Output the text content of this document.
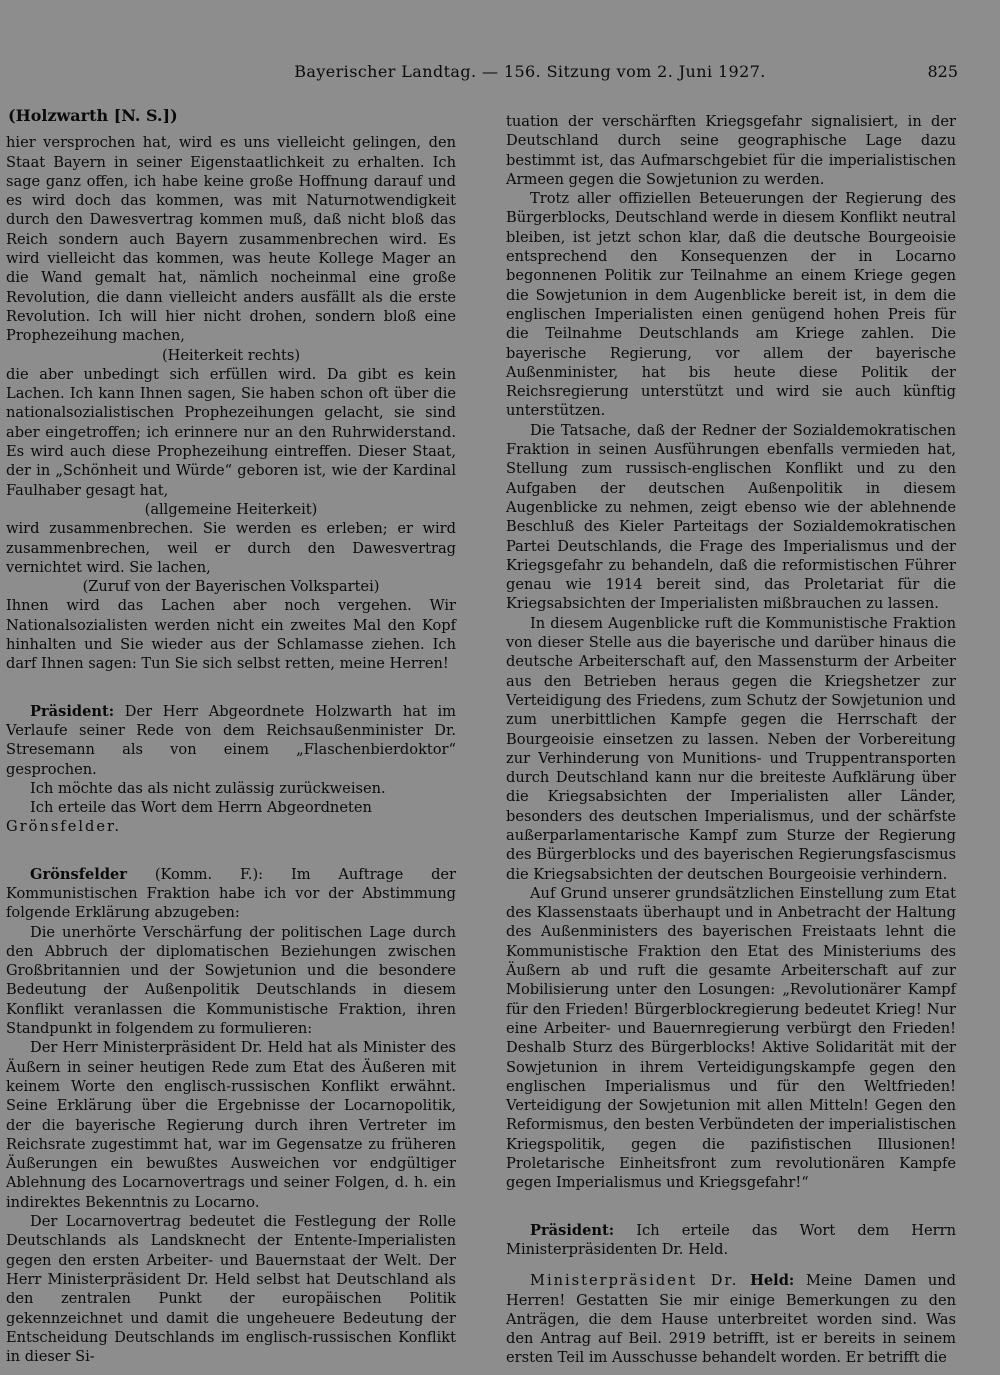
Bayerischer Landtag. — 156. Sitzung vom 2. Juni 1927.	825
(Holzwarth [N. S.])

hier versprochen hat, wird es uns vielleicht gelingen, den Staat Bayern in seiner Eigenstaatlichkeit zu erhalten. Ich sage ganz offen, ich habe keine große Hoffnung darauf und es wird doch das kommen, was mit Naturnotwendigkeit durch den Dawesvertrag kommen muß, daß nicht bloß das Reich sondern auch Bayern zusammenbrechen wird. Es wird vielleicht das kommen, was heute Kollege Mager an die Wand gemalt hat, nämlich nocheinmal eine große Revolution, die dann vielleicht anders ausfällt als die erste Revolution. Ich will hier nicht drohen, sondern bloß eine Prophezeihung machen,

(Heiterkeit rechts)

die aber unbedingt sich erfüllen wird. Da gibt es kein Lachen. Ich kann Ihnen sagen, Sie haben schon oft über die nationalsozialistischen Prophezeihungen gelacht, sie sind aber eingetroffen; ich erinnere nur an den Ruhrwiderstand. Es wird auch diese Prophezeihung eintreffen. Dieser Staat, der in „Schönheit und Würde“ geboren ist, wie der Kardinal Faulhaber gesagt hat,

(allgemeine Heiterkeit)

wird zusammenbrechen. Sie werden es erleben; er wird zusammenbrechen, weil er durch den Dawesvertrag vernichtet wird. Sie lachen,

(Zuruf von der Bayerischen Volkspartei)

Ihnen wird das Lachen aber noch vergehen. Wir Nationalsozialisten werden nicht ein zweites Mal den Kopf hinhalten und Sie wieder aus der Schlamasse ziehen. Ich darf Ihnen sagen: Tun Sie sich selbst retten, meine Herren!

Präsident: Der Herr Abgeordnete Holzwarth hat im Verlaufe seiner Rede von dem Reichsaußenminister Dr. Stresemann als von einem „Flaschenbierdoktor“ gesprochen.

Ich möchte das als nicht zulässig zurückweisen.

Ich erteile das Wort dem Herrn Abgeordneten

Grönsfelder.

Grönsfelder (Komm. F.): Im Auftrage der Kommunistischen Fraktion habe ich vor der Abstimmung folgende Erklärung abzugeben:

Die unerhörte Verschärfung der politischen Lage durch den Abbruch der diplomatischen Beziehungen zwischen Großbritannien und der Sowjetunion und die besondere Bedeutung der Außenpolitik Deutschlands in diesem Konflikt veranlassen die Kommunistische Fraktion, ihren Standpunkt in folgendem zu formulieren:

Der Herr Ministerpräsident Dr. Held hat als Minister des Äußern in seiner heutigen Rede zum Etat des Äußeren mit keinem Worte den englisch-russischen Konflikt erwähnt. Seine Erklärung über die Ergebnisse der Locarnopolitik, der die bayerische Regierung durch ihren Vertreter im Reichsrate zugestimmt hat, war im Gegensatze zu früheren Äußerungen ein bewußtes Ausweichen vor endgültiger Ablehnung des Locarnovertrags und seiner Folgen, d. h. ein indirektes Bekenntnis zu Locarno.

Der Locarnovertrag bedeutet die Festlegung der Rolle Deutschlands als Landsknecht der Entente-Imperialisten gegen den ersten Arbeiter- und Bauernstaat der Welt. Der Herr Ministerpräsident Dr. Held selbst hat Deutschland als den zentralen Punkt der europäischen Politik gekennzeichnet und damit die ungeheuere Bedeutung der Entscheidung Deutschlands im englisch-russischen Konflikt in dieser Si-

tuation der verschärften Kriegsgefahr signalisiert, in der Deutschland durch seine geographische Lage dazu bestimmt ist, das Aufmarschgebiet für die imperialistischen Armeen gegen die Sowjetunion zu werden.

Trotz aller offiziellen Beteuerungen der Regierung des Bürgerblocks, Deutschland werde in diesem Konflikt neutral bleiben, ist jetzt schon klar, daß die deutsche Bourgeoisie entsprechend den Konsequenzen der in Locarno begonnenen Politik zur Teilnahme an einem Kriege gegen die Sowjetunion in dem Augenblicke bereit ist, in dem die englischen Imperialisten einen genügend hohen Preis für die Teilnahme Deutschlands am Kriege zahlen. Die bayerische Regierung, vor allem der bayerische Außenminister, hat bis heute diese Politik der Reichsregierung unterstützt und wird sie auch künftig unterstützen.

Die Tatsache, daß der Redner der Sozialdemokratischen Fraktion in seinen Ausführungen ebenfalls vermieden hat, Stellung zum russisch-englischen Konflikt und zu den Aufgaben der deutschen Außenpolitik in diesem Augenblicke zu nehmen, zeigt ebenso wie der ablehnende Beschluß des Kieler Parteitags der Sozialdemokratischen Partei Deutschlands, die Frage des Imperialismus und der Kriegsgefahr zu behandeln, daß die reformistischen Führer genau wie 1914 bereit sind, das Proletariat für die Kriegsabsichten der Imperialisten mißbrauchen zu lassen.

In diesem Augenblicke ruft die Kommunistische Fraktion von dieser Stelle aus die bayerische und darüber hinaus die deutsche Arbeiterschaft auf, den Massensturm der Arbeiter aus den Betrieben heraus gegen die Kriegshetzer zur Verteidigung des Friedens, zum Schutz der Sowjetunion und zum unerbittlichen Kampfe gegen die Herrschaft der Bourgeoisie einsetzen zu lassen. Neben der Vorbereitung zur Verhinderung von Munitions- und Truppentransporten durch Deutschland kann nur die breiteste Aufklärung über die Kriegsabsichten der Imperialisten aller Länder, besonders des deutschen Imperialismus, und der schärfste außerparlamentarische Kampf zum Sturze der Regierung des Bürgerblocks und des bayerischen Regierungsfascismus die Kriegsabsichten der deutschen Bourgeoisie verhindern.

Auf Grund unserer grundsätzlichen Einstellung zum Etat des Klassenstaats überhaupt und in Anbetracht der Haltung des Außenministers des bayerischen Freistaats lehnt die Kommunistische Fraktion den Etat des Ministeriums des Äußern ab und ruft die gesamte Arbeiterschaft auf zur Mobilisierung unter den Losungen: „Revolutionärer Kampf für den Frieden! Bürgerblockregierung bedeutet Krieg! Nur eine Arbeiter- und Bauernregierung verbürgt den Frieden! Deshalb Sturz des Bürgerblocks! Aktive Solidarität mit der Sowjetunion in ihrem Verteidigungskampfe gegen den englischen Imperialismus und für den Weltfrieden! Verteidigung der Sowjetunion mit allen Mitteln! Gegen den Reformismus, den besten Verbündeten der imperialistischen Kriegspolitik, gegen die pazifistischen Illusionen! Proletarische Einheitsfront zum revolutionären Kampfe gegen Imperialismus und Kriegsgefahr!“

Präsident: Ich erteile das Wort dem Herrn Ministerpräsidenten Dr. Held.

Ministerpräsident Dr. Held: Meine Damen und Herren! Gestatten Sie mir einige Bemerkungen zu den Anträgen, die dem Hause unterbreitet worden sind. Was den Antrag auf Beil. 2919 betrifft, ist er bereits in seinem ersten Teil im Ausschusse behandelt worden. Er betrifft die
